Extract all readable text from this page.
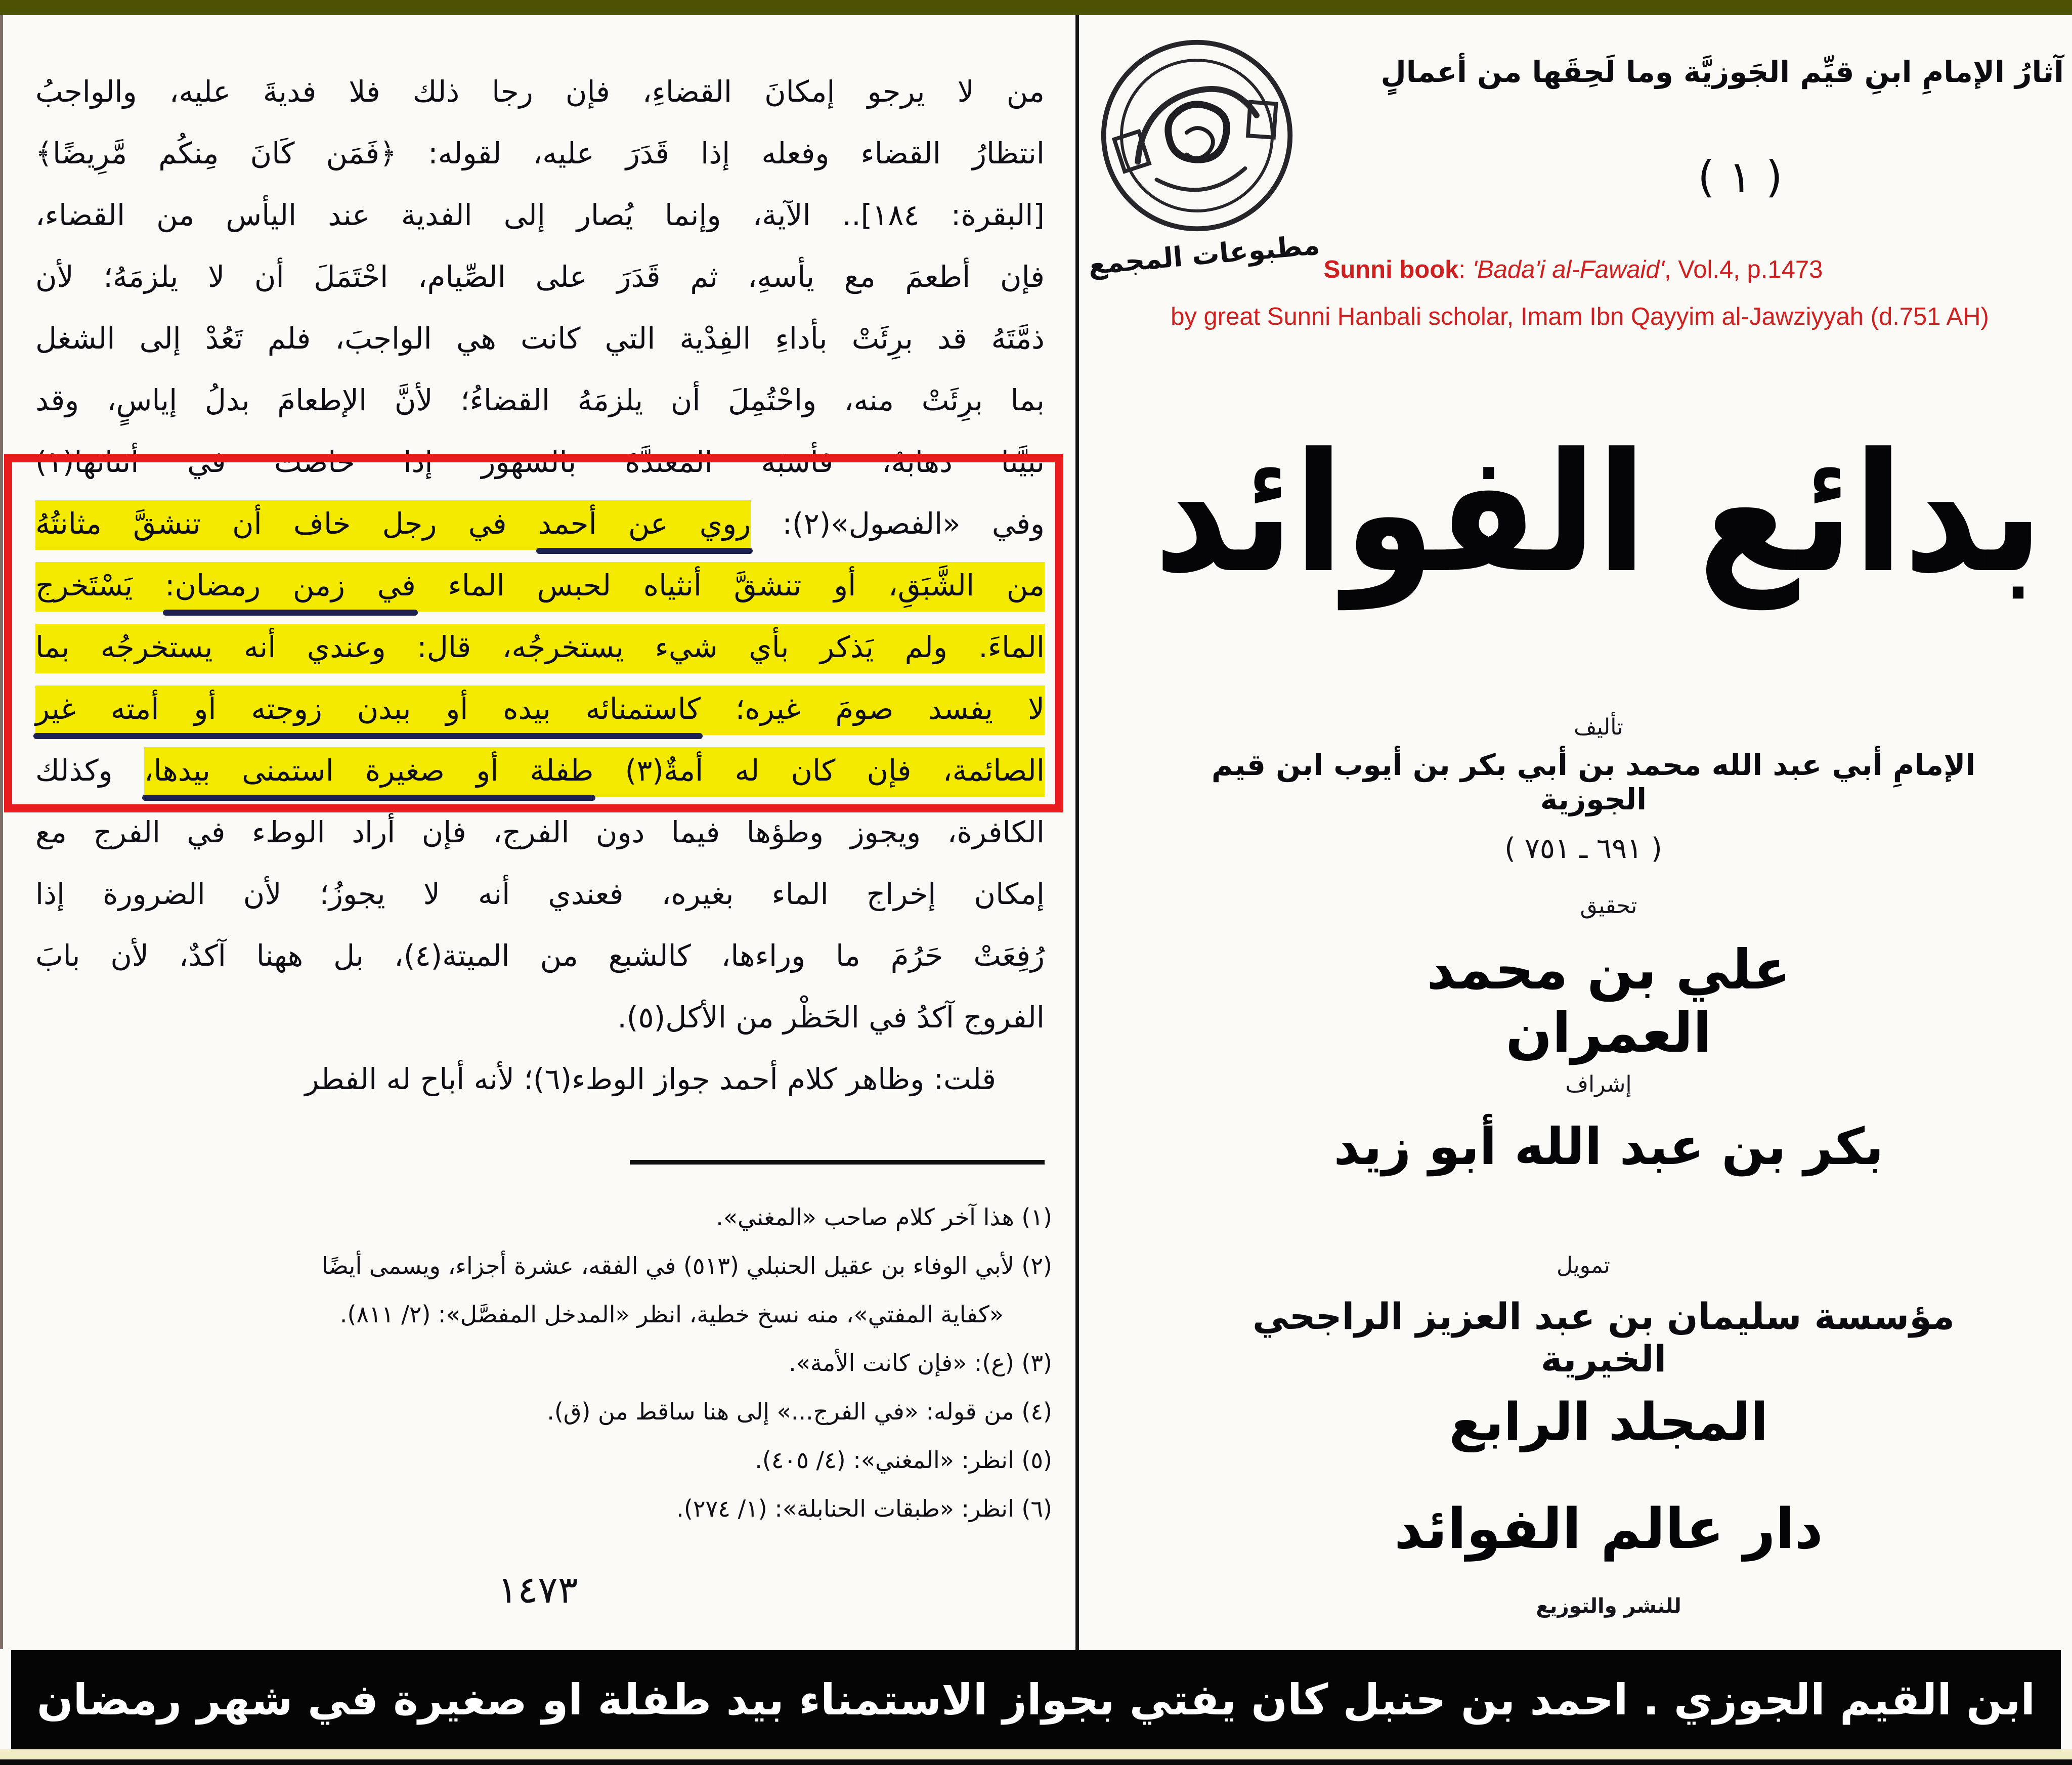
من لا يرجو إمكانَ القضاءِ، فإن رجا ذلك فلا فديةَ عليه، والواجبُ
انتظارُ القضاء وفعله إذا قَدَرَ عليه، لقوله: ﴿فَمَن كَانَ مِنكُم مَّرِيضًا﴾
[البقرة: ١٨٤].. الآية، وإنما يُصار إلى الفدية عند اليأس من القضاء،
فإن أطعمَ مع يأسهِ، ثم قَدَرَ على الصِّيام، احْتَمَلَ أن لا يلزمَهُ؛ لأن
ذمَّتَهُ قد برِئَتْ بأداءِ الفِدْية التي كانت هي الواجبَ، فلم تَعُدْ إلى الشغل
بما برِئَتْ منه، واحْتُمِلَ أن يلزمَهُ القضاءُ؛ لأنَّ الإطعامَ بدلُ إياسٍ، وقد
تبيَّنا ذهابَهُ، فأشبَهَ المعتدَّةَ بالشهور إذا حاضت في أثنائها(١)
وفي «الفصول»(٢): روي عن أحمد في رجل خاف أن تنشقَّ مثانتُهُ
من الشَّبَقِ، أو تنشقَّ أنثياه لحبس الماء في زمن رمضان: يَسْتَخرج
الماءَ. ولم يَذكر بأي شيء يستخرجُه، قال: وعندي أنه يستخرجُه بما
لا يفسد صومَ غيره؛ كاستمنائه بيده أو ببدن زوجته أو أمته غير
الصائمة، فإن كان له أمةٌ(٣) طفلة أو صغيرة استمنى بيدها، وكذلك
الكافرة، ويجوز وطؤها فيما دون الفرج، فإن أراد الوطء في الفرج مع
إمكان إخراج الماء بغيره، فعندي أنه لا يجوزُ؛ لأن الضرورة إذا
رُفِعَتْ حَرُمَ ما وراءها، كالشبع من الميتة(٤)، بل ههنا آكدٌ، لأن بابَ
الفروج آكدُ في الحَظْر من الأكل(٥).
قلت: وظاهر كلام أحمد جواز الوطء(٦)؛ لأنه أباح له الفطر
(١) هذا آخر كلام صاحب «المغني».
(٢) لأبي الوفاء بن عقيل الحنبلي (٥١٣) في الفقه، عشرة أجزاء، ويسمى أيضًا
«كفاية المفتي»، منه نسخ خطية، انظر «المدخل المفصَّل»: (٢/ ٨١١).
(٣) (ع): «فإن كانت الأمة».
(٤) من قوله: «في الفرج...» إلى هنا ساقط من (ق).
(٥) انظر: «المغني»: (٤/ ٤٠٥).
(٦) انظر: «طبقات الحنابلة»: (١/ ٢٧٤).
١٤٧٣
مطبوعات المجمع
آثارُ الإمامِ ابنِ قيِّم الجَوزيَّة وما لَحِقَها من أعمالٍ
( ١ )
Sunni book: 'Bada'i al-Fawaid', Vol.4, p.1473
by great Sunni Hanbali scholar, Imam Ibn Qayyim al-Jawziyyah (d.751 AH)
بدائع الفوائد
تأليف
الإمامِ أبي عبد الله محمد بن أبي بكر بن أيوب ابن قيم الجوزية
( ٦٩١ ـ ٧٥١ )
تحقيق
علي بن محمد العمران
إشراف
بكر بن عبد الله أبو زيد
تمويل
مؤسسة سليمان بن عبد العزيز الراجحي الخيرية
المجلد الرابع
دار عالم الفوائد
للنشر والتوزيع
ابن القيم الجوزي . احمد بن حنبل كان يفتي بجواز الاستمناء بيد طفلة او صغيرة في شهر رمضان
